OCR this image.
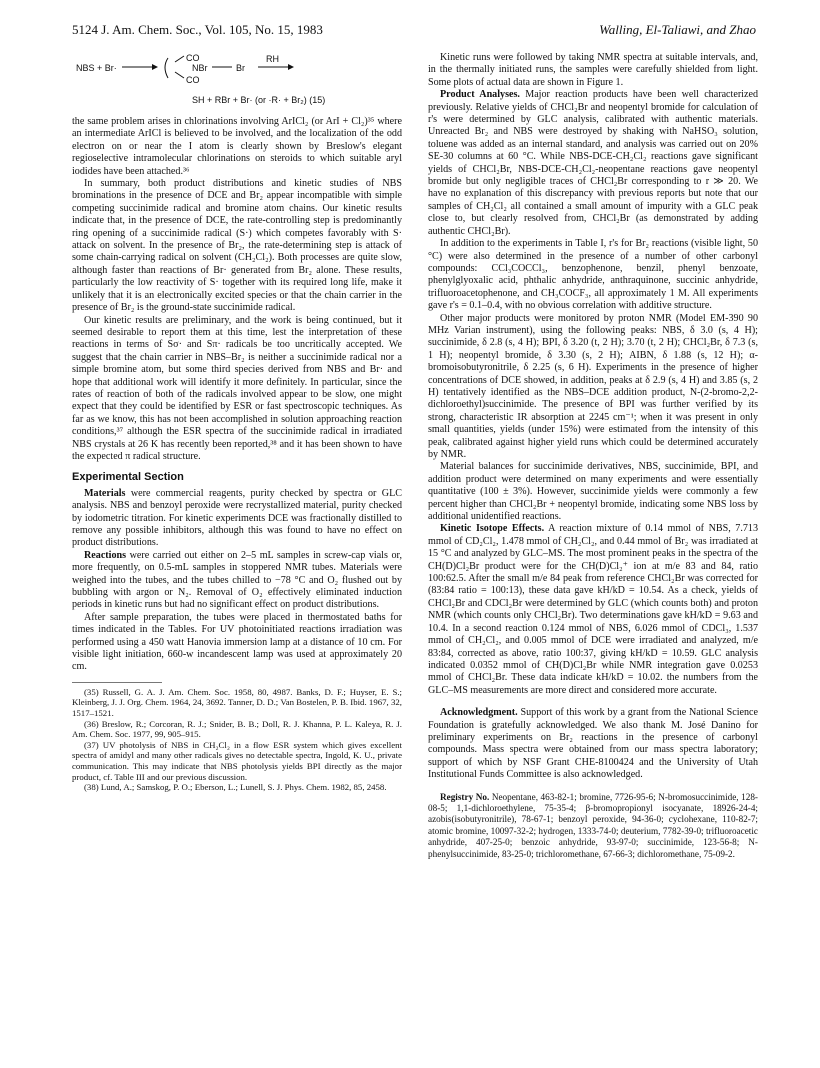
5124 J. Am. Chem. Soc., Vol. 105, No. 15, 1983	Walling, El-Taliawi, and Zhao
NBS + Br·
CO
CO
NBr	Br
RH
SH + RBr + Br· (or ·R· + Br₂) (15)

the same problem arises in chlorinations involving ArICl₂ (or ArI + Cl₂)³⁵ where an intermediate ArICl is believed to be involved, and the localization of the odd electron on or near the I atom is clearly shown by Breslow's elegant regioselective intramolecular chlorinations on steroids to which suitable aryl iodides have been attached.³⁶

In summary, both product distributions and kinetic studies of NBS brominations in the presence of DCE and Br₂ appear incompatible with simple competing succinimide radical and bromine atom chains. Our kinetic results indicate that, in the presence of DCE, the rate-controlling step is predominantly ring opening of a succinimide radical (S·) which competes favorably with S· attack on solvent. In the presence of Br₂, the rate-determining step is attack of some chain-carrying radical on solvent (CH₂Cl₂). Both processes are quite slow, although faster than reactions of Br· generated from Br₂ alone. These results, particularly the low reactivity of S· together with its required long life, make it unlikely that it is an electronically excited species or that the chain carrier in the presence of Br₂ is the ground-state succinimide radical.

Our kinetic results are preliminary, and the work is being continued, but it seemed desirable to report them at this time, lest the interpretation of these reactions in terms of Sσ· and Sπ· radicals be too uncritically accepted. We suggest that the chain carrier in NBS–Br₂ is neither a succinimide radical nor a simple bromine atom, but some third species derived from NBS and Br· and hope that additional work will identify it more definitely. In particular, since the rates of reaction of both of the radicals involved appear to be slow, one might expect that they could be identified by ESR or fast spectroscopic techniques. As far as we know, this has not been accomplished in solution approaching reaction conditions,³⁷ although the ESR spectra of the succinimide radical in irradiated NBS crystals at 26 K has recently been reported,³⁸ and it has been shown to have the expected π radical structure.

Experimental Section

Materials were commercial reagents, purity checked by spectra or GLC analysis. NBS and benzoyl peroxide were recrystallized material, purity checked by iodometric titration. For kinetic experiments DCE was fractionally distilled to remove any possible inhibitors, although this was found to have no effect on product distributions.

Reactions were carried out either on 2–5 mL samples in screw-cap vials or, more frequently, on 0.5-mL samples in stoppered NMR tubes. Materials were weighed into the tubes, and the tubes chilled to −78 °C and O₂ flushed out by bubbling with argon or N₂. Removal of O₂ effectively eliminated induction periods in kinetic runs but had no significant effect on product distributions.

After sample preparation, the tubes were placed in thermostated baths for times indicated in the Tables. For UV photoinitiated reactions irradiation was performed using a 450 watt Hanovia immersion lamp at a distance of 10 cm. For visible light initiation, 660-w incandescent lamp was used at approximately 20 cm.

(35) Russell, G. A. J. Am. Chem. Soc. 1958, 80, 4987. Banks, D. F.; Huyser, E. S.; Kleinberg, J. J. Org. Chem. 1964, 24, 3692. Tanner, D. D.; Van Bostelen, P. B. Ibid. 1967, 32, 1517–1521.

(36) Breslow, R.; Corcoran, R. J.; Snider, B. B.; Doll, R. J. Khanna, P. L. Kaleya, R. J. Am. Chem. Soc. 1977, 99, 905–915.

(37) UV photolysis of NBS in CH₂Cl₂ in a flow ESR system which gives excellent spectra of amidyl and many other radicals gives no detectable spectra, Ingold, K. U., private communication. This may indicate that NBS photolysis yields BPI directly as the major product, cf. Table III and our previous discussion.

(38) Lund, A.; Samskog, P. O.; Eberson, L.; Lunell, S. J. Phys. Chem. 1982, 85, 2458.

Kinetic runs were followed by taking NMR spectra at suitable intervals, and, in the thermally initiated runs, the samples were carefully shielded from light. Some plots of actual data are shown in Figure 1.

Product Analyses. Major reaction products have been well characterized previously. Relative yields of CHCl₂Br and neopentyl bromide for calculation of r's were determined by GLC analysis, calibrated with authentic materials. Unreacted Br₂ and NBS were destroyed by shaking with NaHSO₃ solution, toluene was added as an internal standard, and analysis was carried out on 20% SE-30 columns at 60 °C. While NBS-DCE-CH₂Cl₂ reactions gave significant yields of CHCl₂Br, NBS-DCE-CH₂Cl₂-neopentane reactions gave neopentyl bromide but only negligible traces of CHCl₂Br corresponding to r ≫ 20. We have no explanation of this discrepancy with previous reports but note that our samples of CH₂Cl₂ all contained a small amount of impurity with a GLC peak close to, but clearly resolved from, CHCl₂Br (as demonstrated by adding authentic CHCl₂Br).

In addition to the experiments in Table I, r's for Br₂ reactions (visible light, 50 °C) were also determined in the presence of a number of other carbonyl compounds: CCl₃COCCl₃, benzophenone, benzil, phenyl benzoate, phenylglyoxalic acid, phthalic anhydride, anthraquinone, succinic anhydride, trifluoroacetophenone, and CH₃COCF₃, all approximately 1 M. All experiments gave r's = 0.1–0.4, with no obvious correlation with additive structure.

Other major products were monitored by proton NMR (Model EM-390 90 MHz Varian instrument), using the following peaks: NBS, δ 3.0 (s, 4 H); succinimide, δ 2.8 (s, 4 H); BPI, δ 3.20 (t, 2 H); 3.70 (t, 2 H); CHCl₂Br, δ 7.3 (s, 1 H); neopentyl bromide, δ 3.30 (s, 2 H); AIBN, δ 1.88 (s, 12 H); α-bromoisobutyronitrile, δ 2.25 (s, 6 H). Experiments in the presence of higher concentrations of DCE showed, in addition, peaks at δ 2.9 (s, 4 H) and 3.85 (s, 2 H) tentatively identified as the NBS–DCE addition product, N-(2-bromo-2,2-dichloroethyl)succinimide. The presence of BPI was further verified by its strong, characteristic IR absorption at 2245 cm⁻¹; when it was present in only small quantities, yields (under 15%) were estimated from the intensity of this peak, calibrated against higher yield runs which could be determined accurately by NMR.

Material balances for succinimide derivatives, NBS, succinimide, BPI, and addition product were determined on many experiments and were essentially quantitative (100 ± 3%). However, succinimide yields were commonly a few percent higher than CHCl₂Br + neopentyl bromide, indicating some NBS loss by additional unidentified reactions.

Kinetic Isotope Effects. A reaction mixture of 0.14 mmol of NBS, 7.713 mmol of CD₂Cl₂, 1.478 mmol of CH₂Cl₂, and 0.44 mmol of Br₂ was irradiated at 15 °C and analyzed by GLC–MS. The most prominent peaks in the spectra of the CH(D)Cl₂Br product were for the CH(D)Cl₂⁺ ion at m/e 83 and 84, ratio 100:62.5. After the small m/e 84 peak from reference CHCl₂Br was corrected for (83:84 ratio = 100:13), these data gave kH/kD = 10.54. As a check, yields of CHCl₂Br and CDCl₂Br were determined by GLC (which counts both) and proton NMR (which counts only CHCl₂Br). Two determinations gave kH/kD = 9.63 and 10.4. In a second reaction 0.124 mmol of NBS, 6.026 mmol of CDCl₃, 1.537 mmol of CH₂Cl₂, and 0.005 mmol of DCE were irradiated and analyzed, m/e 83:84, corrected as above, ratio 100:37, giving kH/kD = 10.59. GLC analysis indicated 0.0352 mmol of CH(D)Cl₂Br while NMR integration gave 0.0253 mmol of CHCl₂Br. These data indicate kH/kD = 10.02. the numbers from the GLC–MS measurements are more direct and considered more accurate.

Acknowledgment. Support of this work by a grant from the National Science Foundation is gratefully acknowledged. We also thank M. José Danino for preliminary experiments on Br₂ reactions in the presence of carbonyl compounds. Mass spectra were obtained from our mass spectra laboratory; support of which by NSF Grant CHE-8100424 and the University of Utah Institutional Funds Committee is also acknowledged.

Registry No. Neopentane, 463-82-1; bromine, 7726-95-6; N-bromosuccinimide, 128-08-5; 1,1-dichloroethylene, 75-35-4; β-bromopropionyl isocyanate, 18926-24-4; azobis(isobutyronitrile), 78-67-1; benzoyl peroxide, 94-36-0; cyclohexane, 110-82-7; atomic bromine, 10097-32-2; hydrogen, 1333-74-0; deuterium, 7782-39-0; trifluoroacetic anhydride, 407-25-0; benzoic anhydride, 93-97-0; succinimide, 123-56-8; N-phenylsuccinimide, 83-25-0; trichloromethane, 67-66-3; dichloromethane, 75-09-2.
